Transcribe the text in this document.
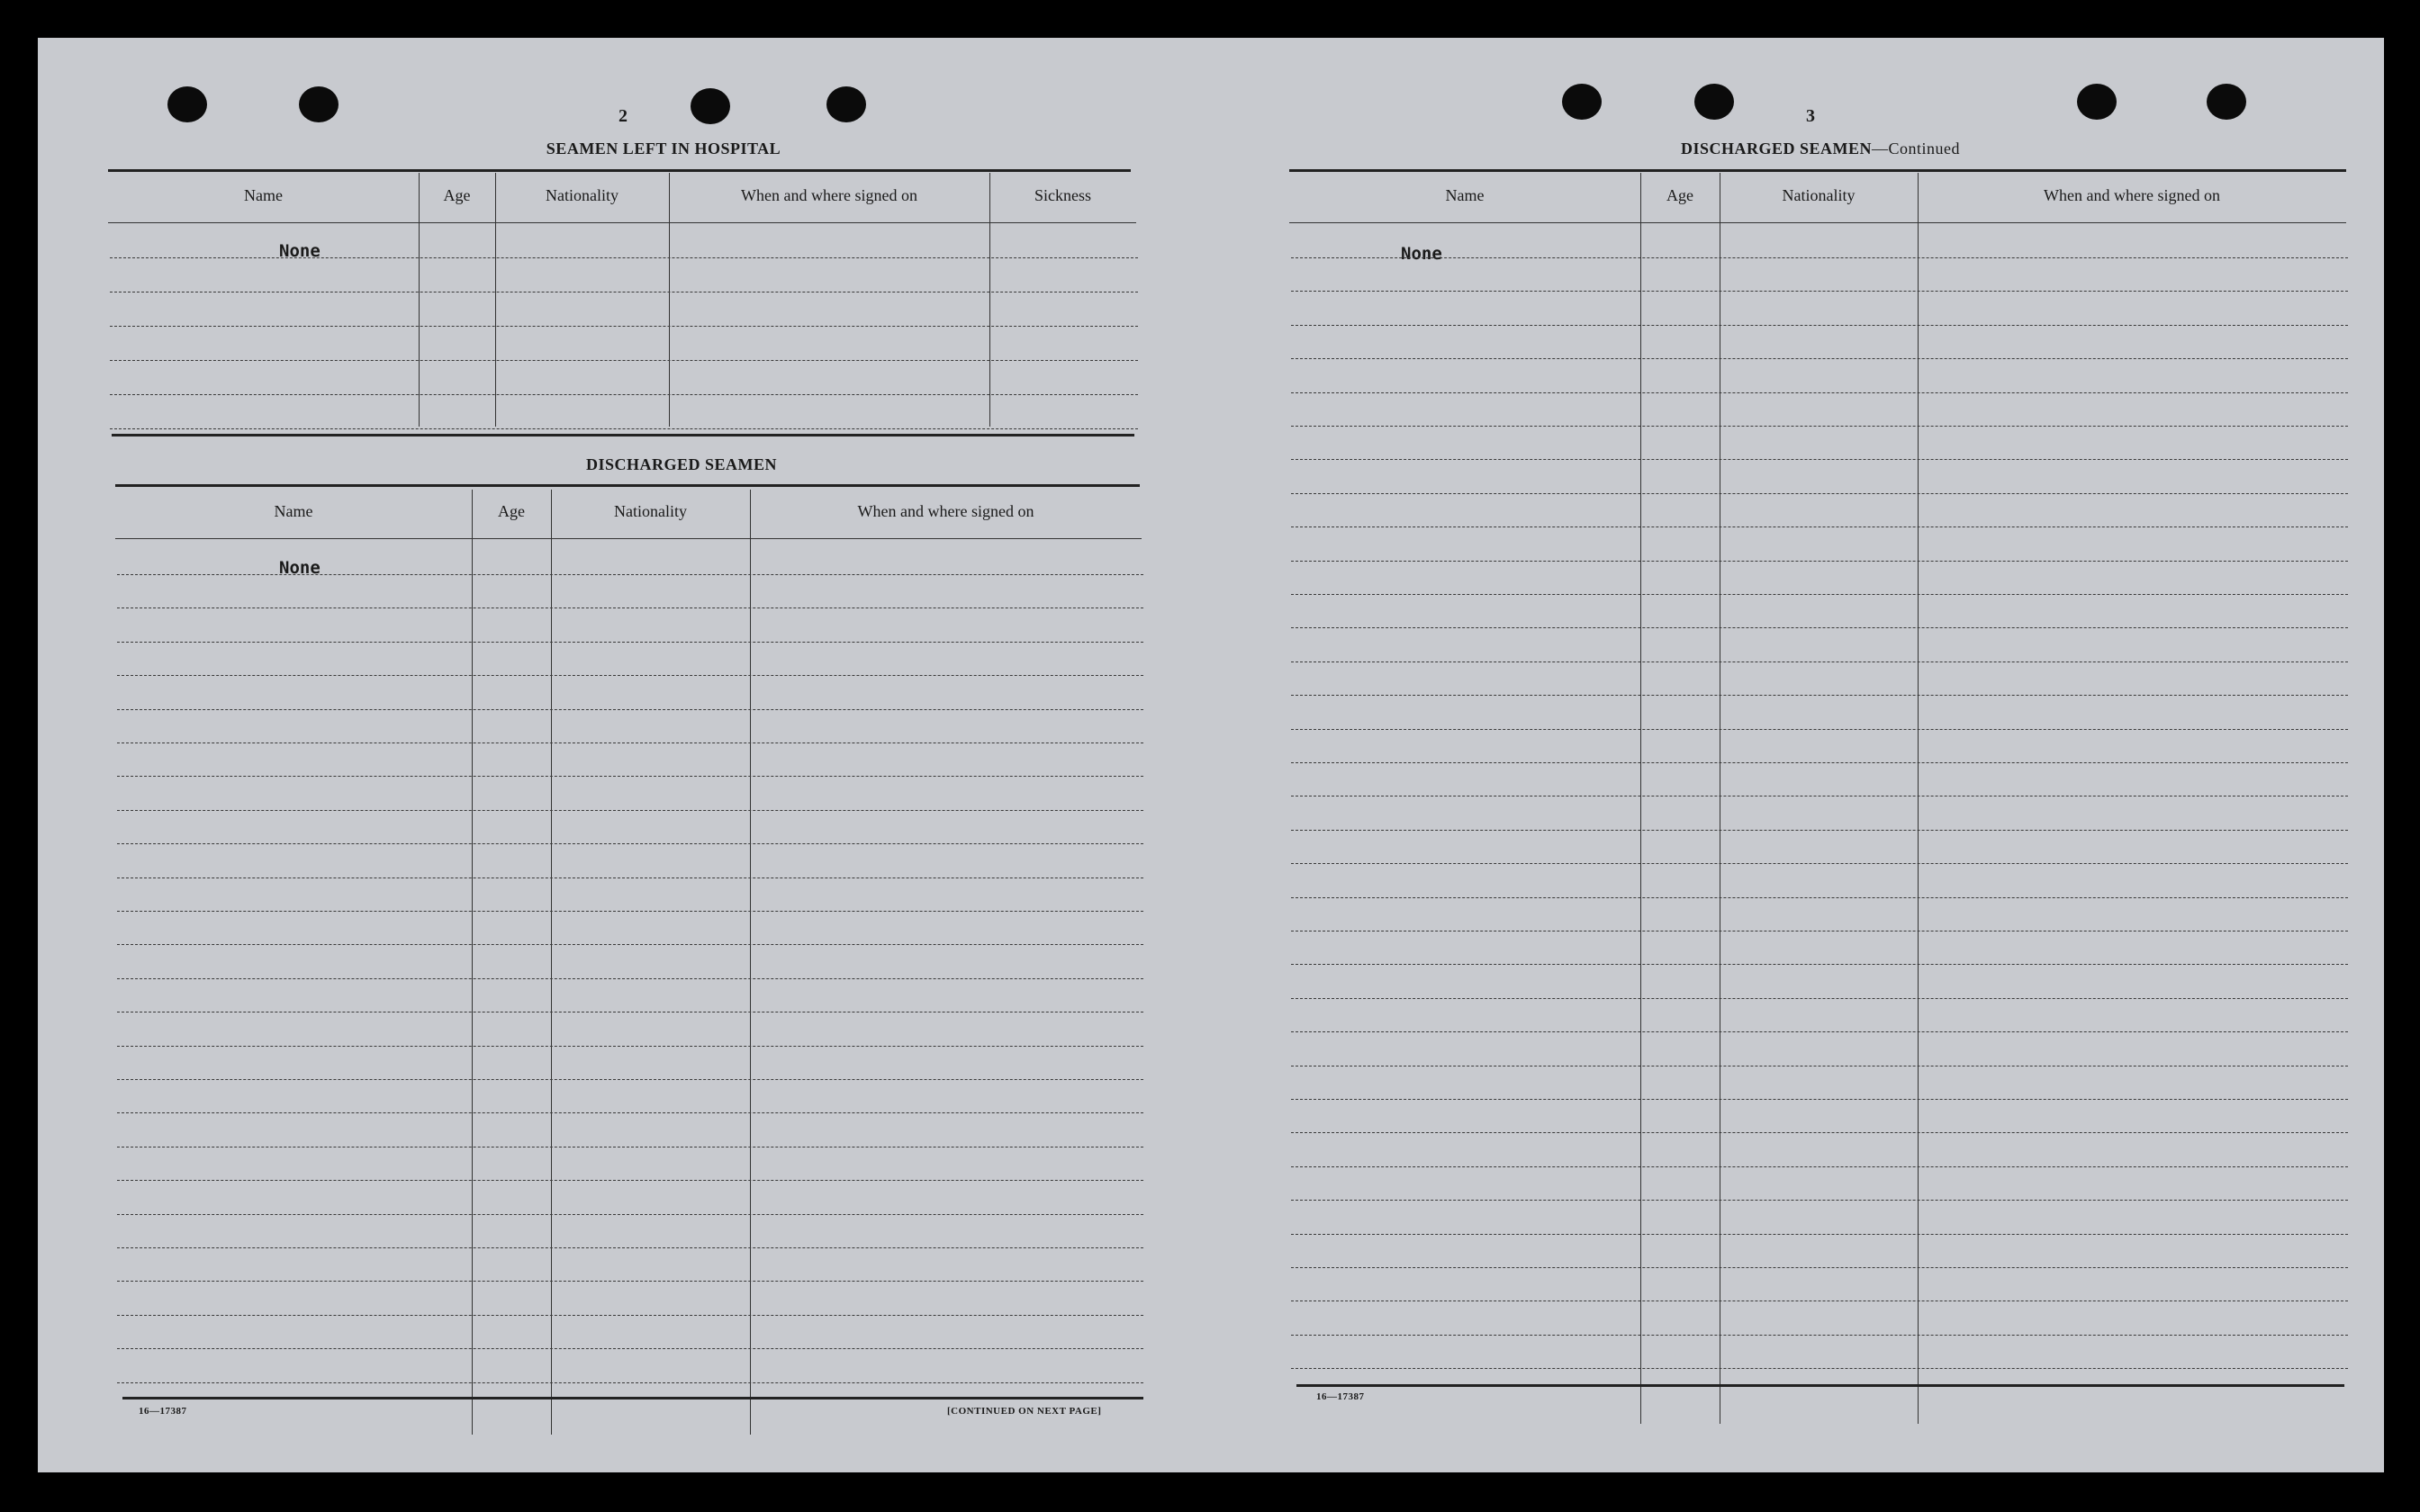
2
SEAMEN LEFT IN HOSPITAL
Name	Age	Nationality	When and where signed on	Sickness
None
DISCHARGED SEAMEN
Name	Age	Nationality	When and where signed on
None
16—17387	[CONTINUED ON NEXT PAGE]
3
DISCHARGED SEAMEN—Continued
Name	Age	Nationality	When and where signed on
None
16—17387
